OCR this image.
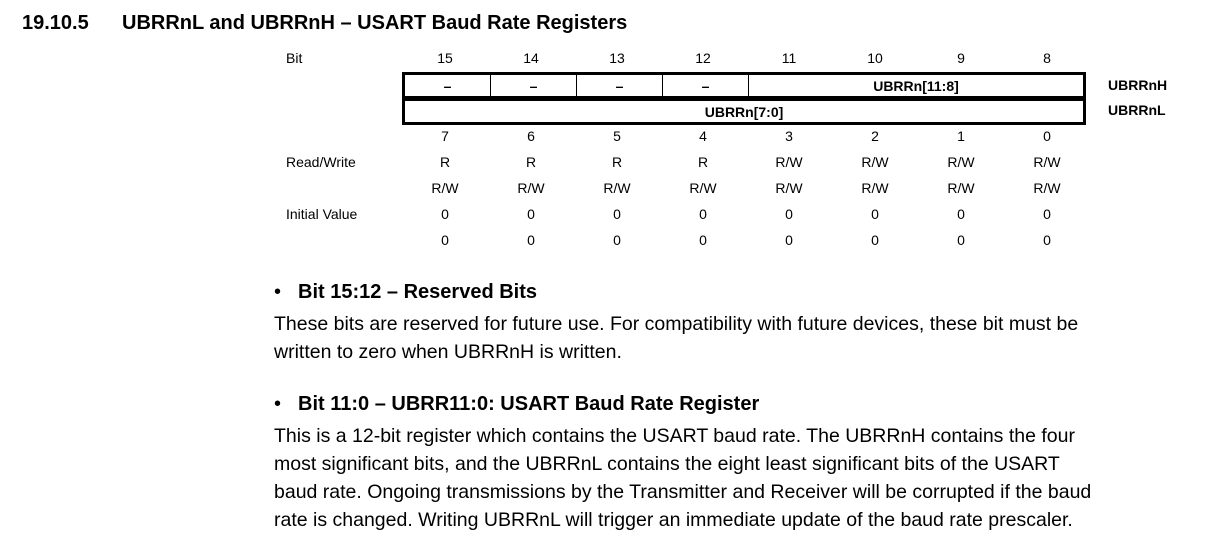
19.10.5 UBRRnL and UBRRnH – USART Baud Rate Registers
Bit	15	14	13	12	11	10	9	8
–	–	–	–	UBRRn[11:8]	UBRRnH
UBRRn[7:0]	UBRRnL
7	6	5	4	3	2	1	0
Read/Write	R	R	R	R	R/W	R/W	R/W	R/W
R/W	R/W	R/W	R/W	R/W	R/W	R/W	R/W
Initial Value	0	0	0	0	0	0	0	0
0	0	0	0	0	0	0	0
• Bit 15:12 – Reserved Bits
These bits are reserved for future use. For compatibility with future devices, these bit must be
written to zero when UBRRnH is written.
• Bit 11:0 – UBRR11:0: USART Baud Rate Register
This is a 12-bit register which contains the USART baud rate. The UBRRnH contains the four
most significant bits, and the UBRRnL contains the eight least significant bits of the USART
baud rate. Ongoing transmissions by the Transmitter and Receiver will be corrupted if the baud
rate is changed. Writing UBRRnL will trigger an immediate update of the baud rate prescaler.
